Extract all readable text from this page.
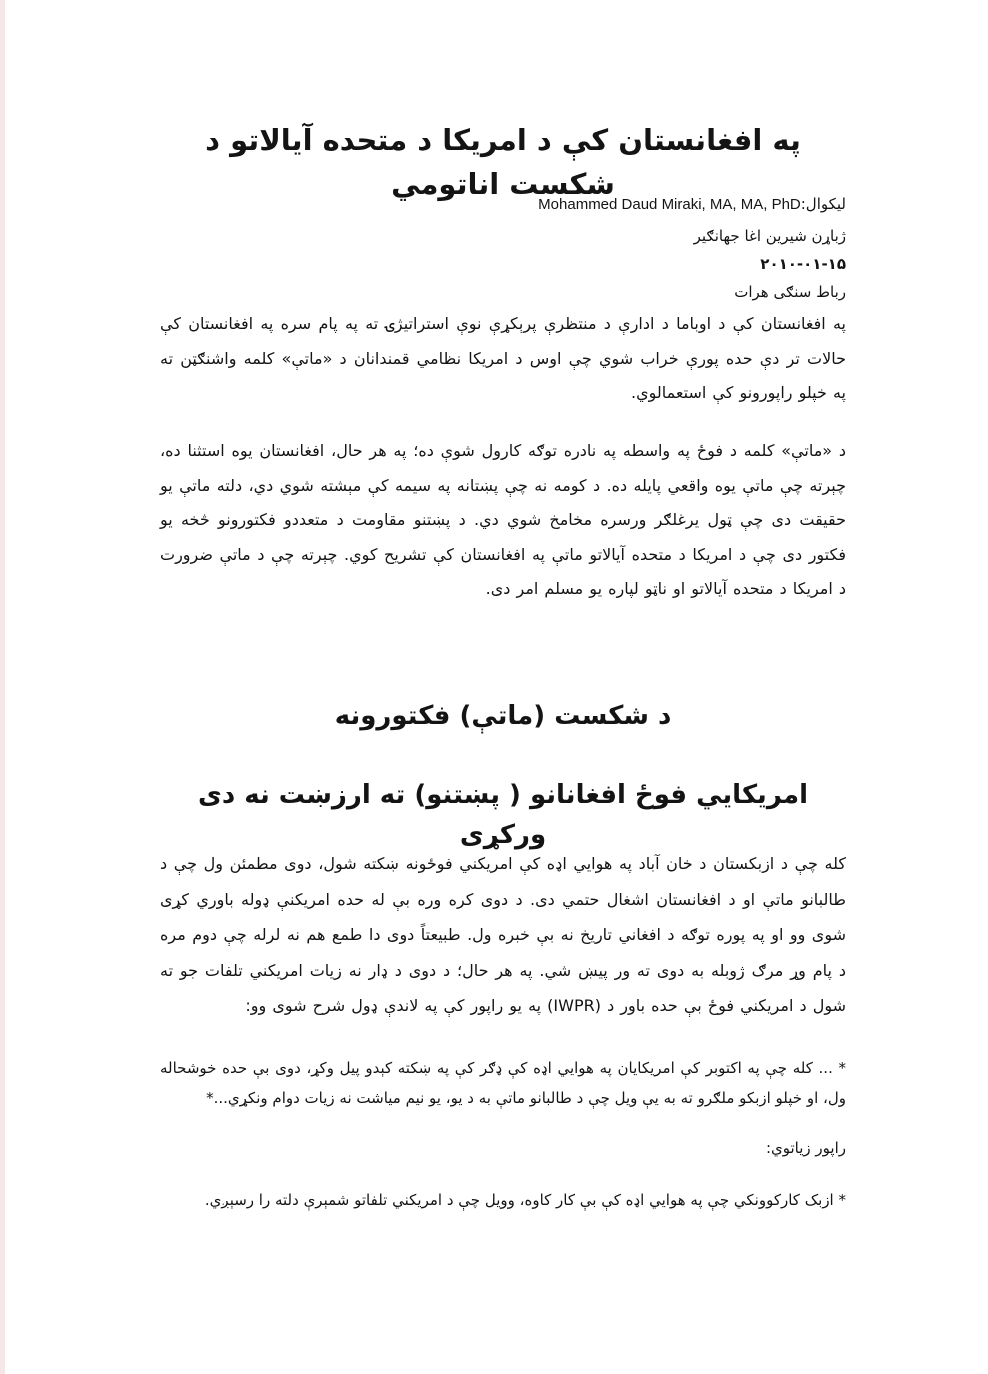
په افغانستان کې د امریکا د متحده آیالاتو د شکست اناتومي
لیکوال:Mohammed Daud Miraki, MA, MA, PhD
ژباړن شیرین اغا جهانګیر
۲۰۱۰-۰۱-۱۵
رباط سنګی هرات

په افغانستان کې د اوباما د ادارې د منتظرې پرېکړې نوې استراتیژۍ ته په پام سره په افغانستان کې حالات تر دې حده پورې خراب شوي چې اوس د امریکا نظامي قمندانان د «ماتې» کلمه واشنګټن ته په خپلو راپورونو کې استعمالوي.

د «ماتې» کلمه د فوځ په واسطه په نادره توګه کارول شوې ده؛ په هر حال، افغانستان یوه استثنا ده، چېرته چې ماتې یوه واقعي پایله ده. د کومه نه چې پښتانه په سیمه کې مېشته شوي دي، دلته ماتې یو حقیقت دی چې ټول یرغلګر ورسره مخامخ شوي دي. د پښتنو مقاومت د متعددو فکتورونو څخه یو فکتور دی چې د امریکا د متحده آیالاتو ماتې په افغانستان کې تشریح کوي. چېرته چې د ماتې ضرورت د امریکا د متحده آیالاتو او ناټو لپاره یو مسلم امر دی.

د شکست (ماتې) فکتورونه
امریکایي فوځ افغانانو ( پښتنو) ته ارزښت نه دی ورکړی

کله چې د ازبکستان د خان آباد په هوایي اډه کې امریکني فوځونه ښکته شول، دوی مطمئن ول چې د طالبانو ماتې او د افغانستان اشغال حتمي دی. د دوی کره وره بې له حده امریکنې ډوله باوري کړی شوی وو او په پوره توګه د افغاني تاریخ نه بې خبره ول. طبیعتاً دوی دا طمع هم نه لرله چې دوم مره د پام وړ مرګ ژوبله به دوی ته ور پیښ شي. په هر حال؛ د دوی د ډار نه زیات امریکني تلفات جو ته شول د امریکني فوځ بې حده باور د (IWPR) په یو راپور کې په لاندې ډول شرح شوی وو:

* ... کله چې په اکتوبر کې امریکایان په هوایي اډه کې ډګر کې په ښکته کېدو پیل وکړ، دوی بې حده خوشحاله ول، او خپلو ازبکو ملګرو ته به یې ویل چې د طالبانو ماتې به د یو، یو نیم میاشت نه زیات دوام ونکړي...*

راپور زیاتوي:

* ازبک کارکوونکي چې په هوایي اډه کې بې کار کاوه، وویل چې د امریکني تلفاتو شمېرې دلته را رسېږي.
